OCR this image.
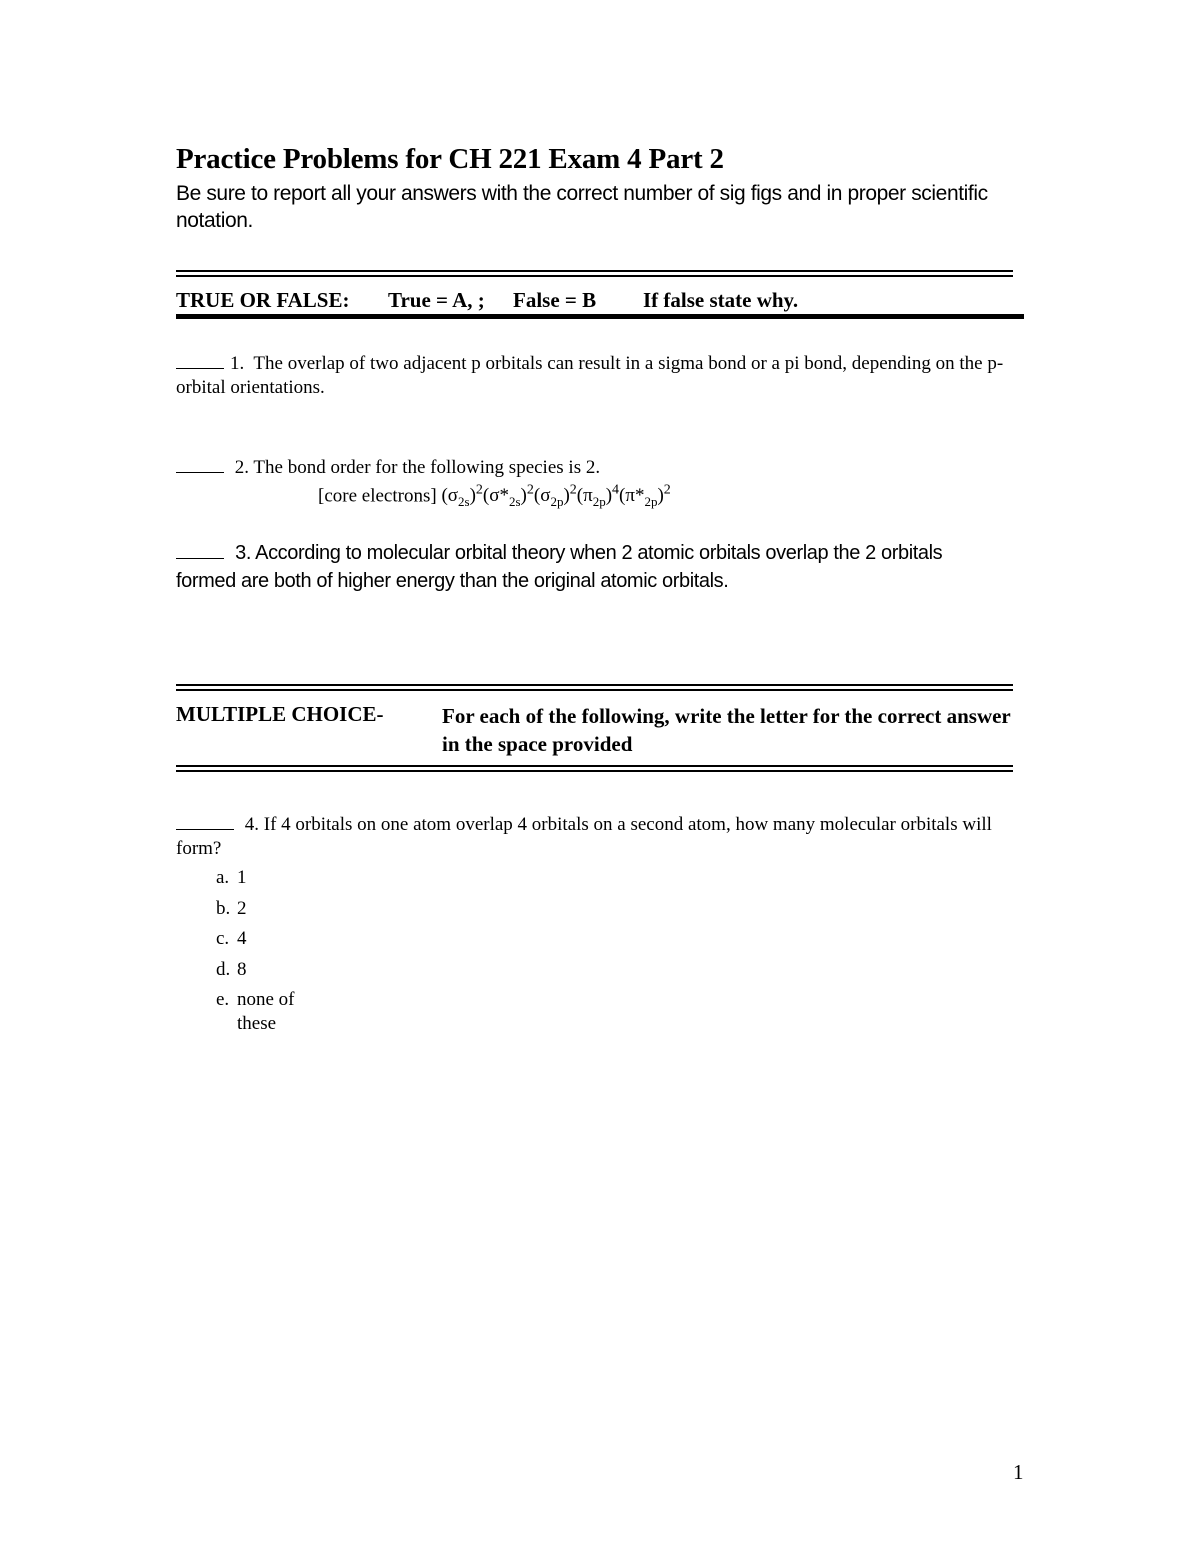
Practice Problems for CH 221 Exam 4 Part 2
Be sure to report all your answers with the correct number of sig figs and in proper scientific notation.
TRUE OR FALSE: True = A, ; False = B If false state why.
1. The overlap of two adjacent p orbitals can result in a sigma bond or a pi bond, depending on the p-orbital orientations.
2. The bond order for the following species is 2.
[core electrons] $(\sigma_{2s})^2(\sigma*_{2s})^2(\sigma_{2p})^2(\pi_{2p})^4(\pi*_{2p})^2$
3. According to molecular orbital theory when 2 atomic orbitals overlap the 2 orbitals formed are both of higher energy than the original atomic orbitals.
MULTIPLE CHOICE-	For each of the following, write the letter for the correct answer in the space provided
4. If 4 orbitals on one atom overlap 4 orbitals on a second atom, how many molecular orbitals will form?
a. 1
b. 2
c. 4
d. 8
e. none of these
1
